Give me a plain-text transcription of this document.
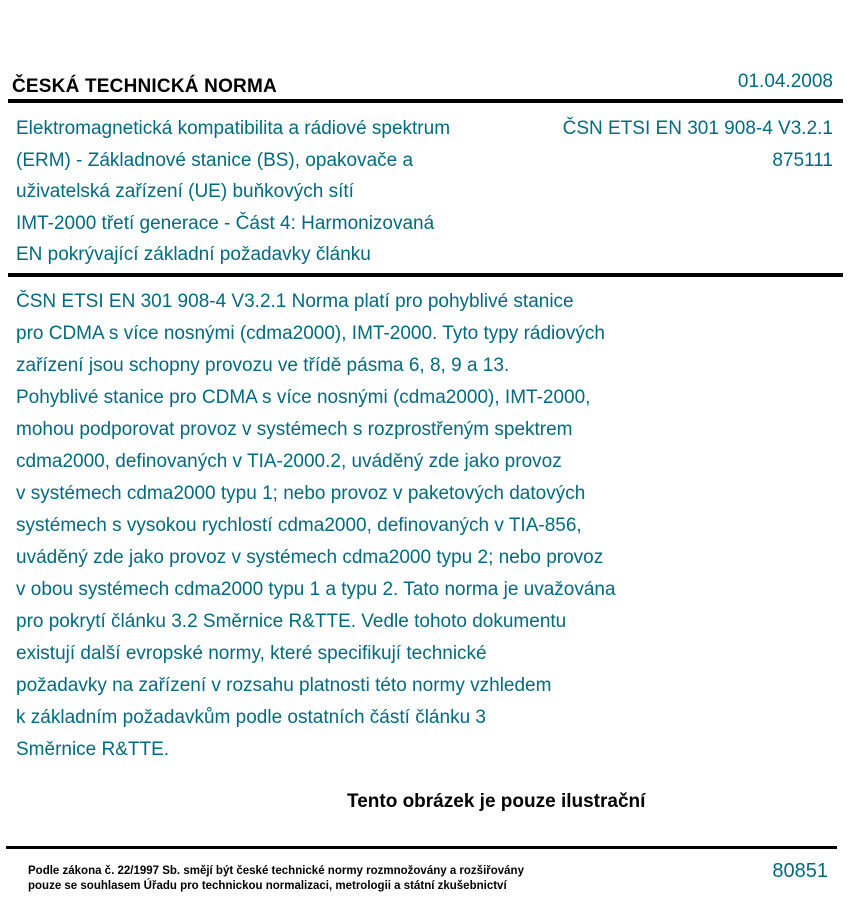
ČESKÁ TECHNICKÁ NORMA	01.04.2008
Elektromagnetická kompatibilita a rádiové spektrum
(ERM) - Základnové stanice (BS), opakovače a
uživatelská zařízení (UE) buňkových sítí
IMT-2000 třetí generace - Část 4: Harmonizovaná
EN pokrývající základní požadavky článku
ČSN ETSI EN 301 908-4 V3.2.1
875111
ČSN ETSI EN 301 908-4 V3.2.1 Norma platí pro pohyblivé stanice
pro CDMA s více nosnými (cdma2000), IMT-2000. Tyto typy rádiových
zařízení jsou schopny provozu ve třídě pásma 6, 8, 9 a 13.
Pohyblivé stanice pro CDMA s více nosnými (cdma2000), IMT-2000,
mohou podporovat provoz v systémech s rozprostřeným spektrem
cdma2000, definovaných v TIA-2000.2, uváděný zde jako provoz
v systémech cdma2000 typu 1; nebo provoz v paketových datových
systémech s vysokou rychlostí cdma2000, definovaných v TIA-856,
uváděný zde jako provoz v systémech cdma2000 typu 2; nebo provoz
v obou systémech cdma2000 typu 1 a typu 2. Tato norma je uvažována
pro pokrytí článku 3.2 Směrnice R&TTE. Vedle tohoto dokumentu
existují další evropské normy, které specifikují technické
požadavky na zařízení v rozsahu platnosti této normy vzhledem
k základním požadavkům podle ostatních částí článku 3
Směrnice R&TTE.
Tento obrázek je pouze ilustrační
Podle zákona č. 22/1997 Sb. smějí být české technické normy rozmnožovány a rozšiřovány
pouze se souhlasem Úřadu pro technickou normalizaci, metrologii a státní zkušebnictví
80851
